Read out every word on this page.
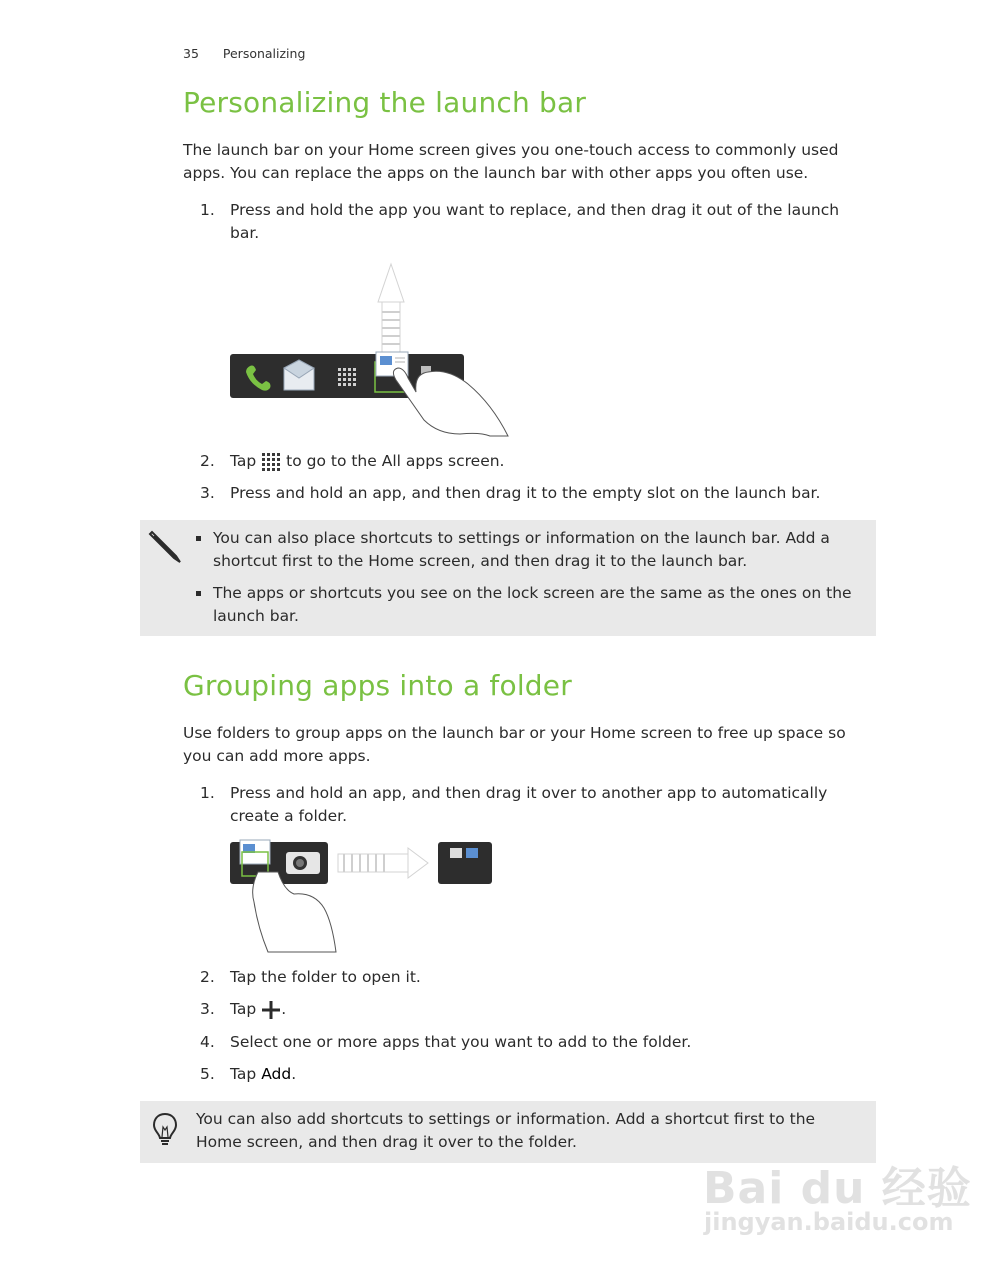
35 Personalizing
Personalizing the launch bar

The launch bar on your Home screen gives you one-touch access to commonly used apps. You can replace the apps on the launch bar with other apps you often use.

1. Press and hold the app you want to replace, and then drag it out of the launch bar.
2. Tap to go to the All apps screen.
3. Press and hold an app, and then drag it to the empty slot on the launch bar.
You can also place shortcuts to settings or information on the launch bar. Add a shortcut first to the Home screen, and then drag it to the launch bar.
The apps or shortcuts you see on the lock screen are the same as the ones on the launch bar.
Grouping apps into a folder

Use folders to group apps on the launch bar or your Home screen to free up space so you can add more apps.

1. Press and hold an app, and then drag it over to another app to automatically create a folder.
2. Tap the folder to open it.
3. Tap .
4. Select one or more apps that you want to add to the folder.
5. Tap Add.
You can also add shortcuts to settings or information. Add a shortcut first to the Home screen, and then drag it over to the folder.
Bai du 经验
jingyan.baidu.com
